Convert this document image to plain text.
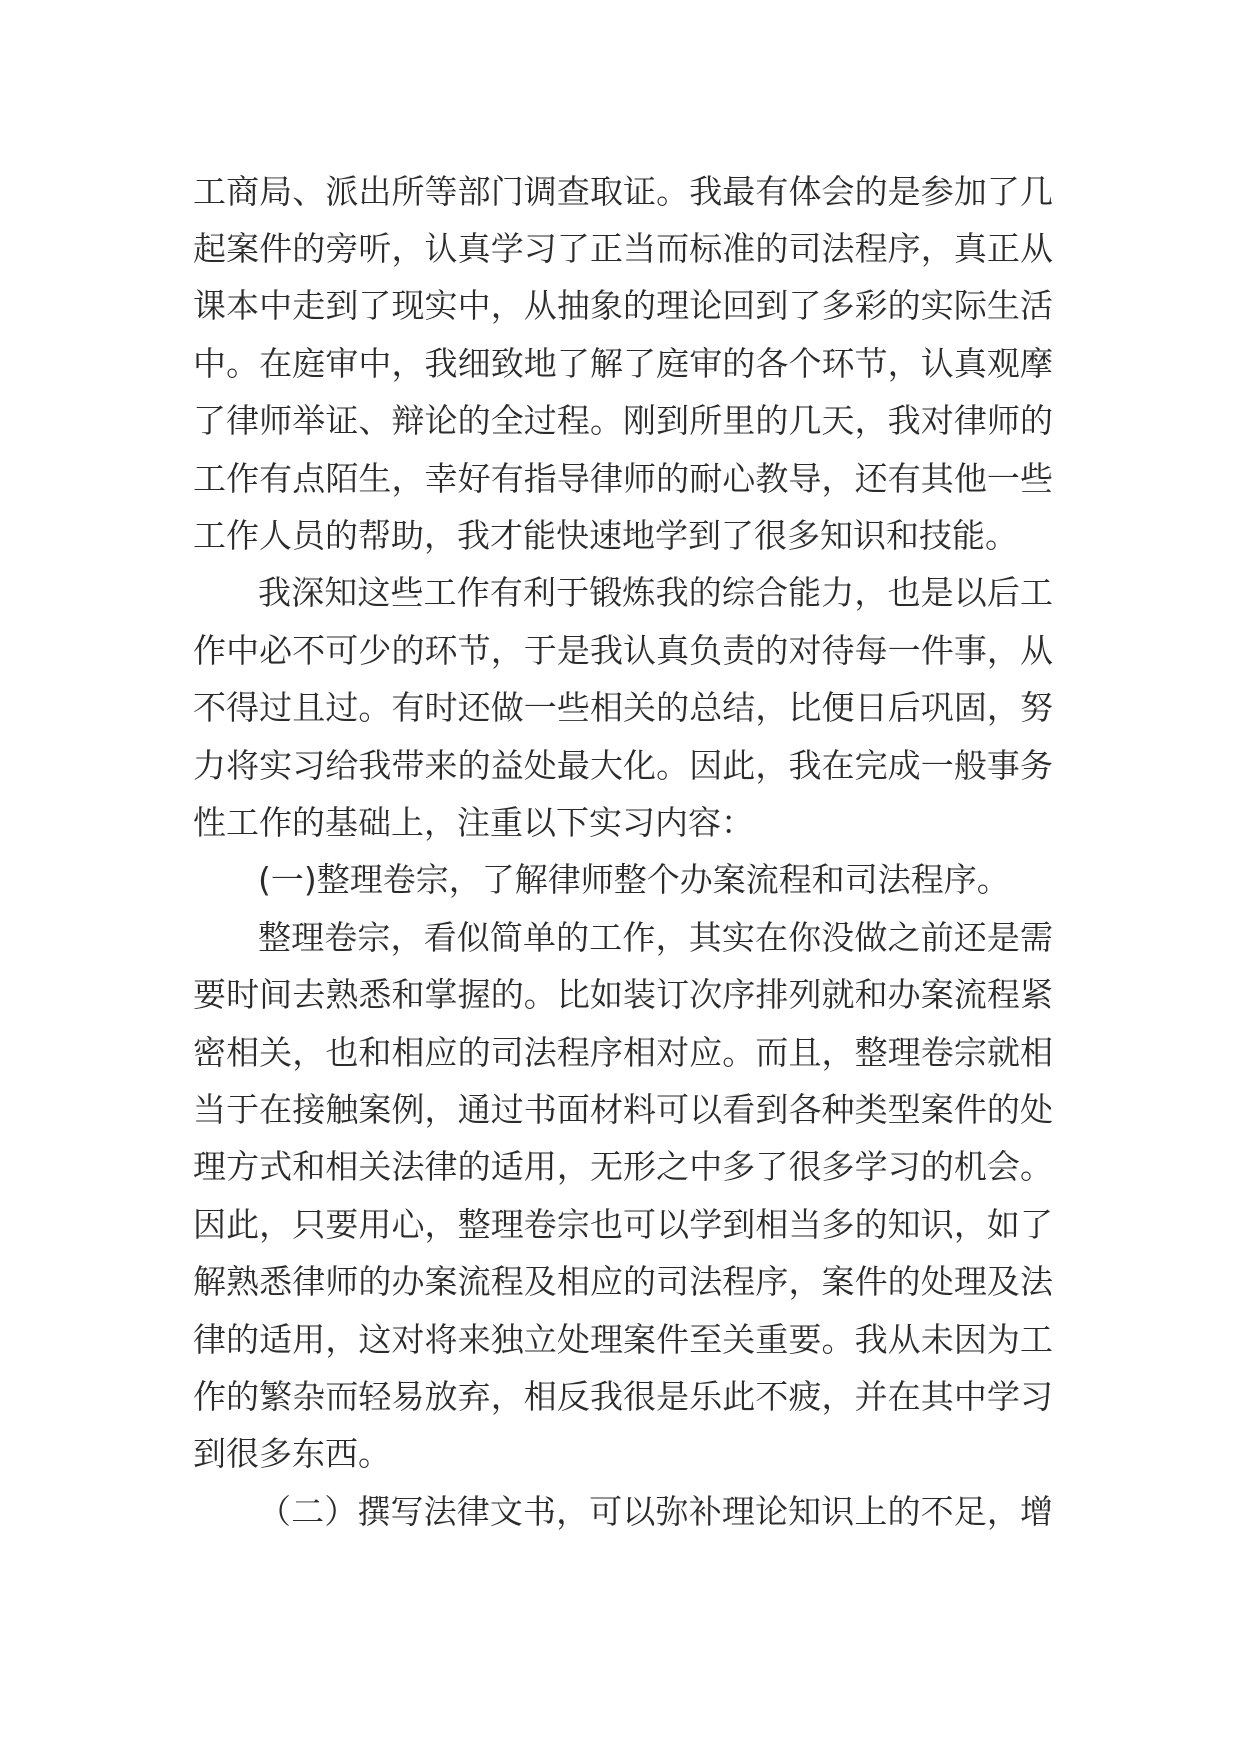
工商局、派出所等部门调查取证。我最有体会的是参加了几
起案件的旁听，认真学习了正当而标准的司法程序，真正从
课本中走到了现实中，从抽象的理论回到了多彩的实际生活
中。在庭审中，我细致地了解了庭审的各个环节，认真观摩
了律师举证、辩论的全过程。刚到所里的几天，我对律师的
工作有点陌生，幸好有指导律师的耐心教导，还有其他一些
工作人员的帮助，我才能快速地学到了很多知识和技能。
我深知这些工作有利于锻炼我的综合能力，也是以后工
作中必不可少的环节，于是我认真负责的对待每一件事，从
不得过且过。有时还做一些相关的总结，比便日后巩固，努
力将实习给我带来的益处最大化。因此，我在完成一般事务
性工作的基础上，注重以下实习内容：
(一)整理卷宗，了解律师整个办案流程和司法程序。
整理卷宗，看似简单的工作，其实在你没做之前还是需
要时间去熟悉和掌握的。比如装订次序排列就和办案流程紧
密相关，也和相应的司法程序相对应。而且，整理卷宗就相
当于在接触案例，通过书面材料可以看到各种类型案件的处
理方式和相关法律的适用，无形之中多了很多学习的机会。
因此，只要用心，整理卷宗也可以学到相当多的知识，如了
解熟悉律师的办案流程及相应的司法程序，案件的处理及法
律的适用，这对将来独立处理案件至关重要。我从未因为工
作的繁杂而轻易放弃，相反我很是乐此不疲，并在其中学习
到很多东西。
（二）撰写法律文书，可以弥补理论知识上的不足，增
